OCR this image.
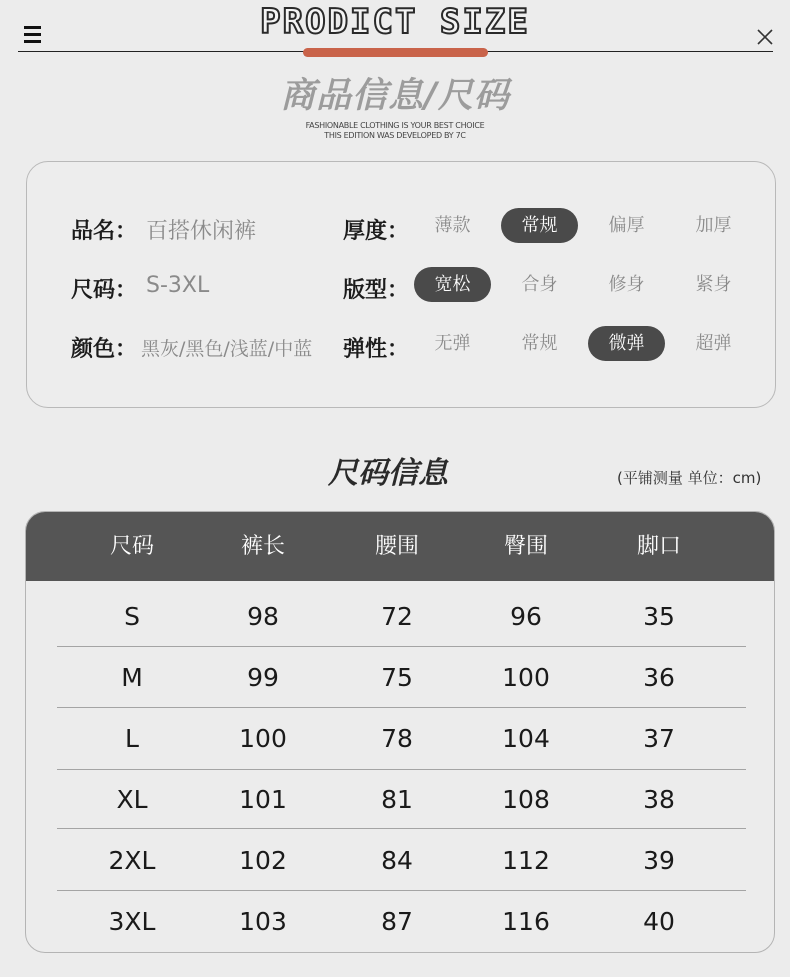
PRODICT SIZE
商品信息/尺码
FASHIONABLE CLOTHING IS YOUR BEST CHOICE
THIS EDITION WAS DEVELOPED BY 7C
品名： 百搭休闲裤	厚度：	薄款	常规	偏厚	加厚
尺码： S-3XL	版型：	宽松	合身	修身	紧身
颜色： 黑灰/黑色/浅蓝/中蓝 弹性：	无弹	常规	微弹	超弹
尺码信息	(平铺测量 单位：cm)
尺码	裤长	腰围	臀围	脚口
S	98	72	96	35
M	99	75	100	36
L	100	78	104	37
XL	101	81	108	38
2XL	102	84	112	39
3XL	103	87	116	40
